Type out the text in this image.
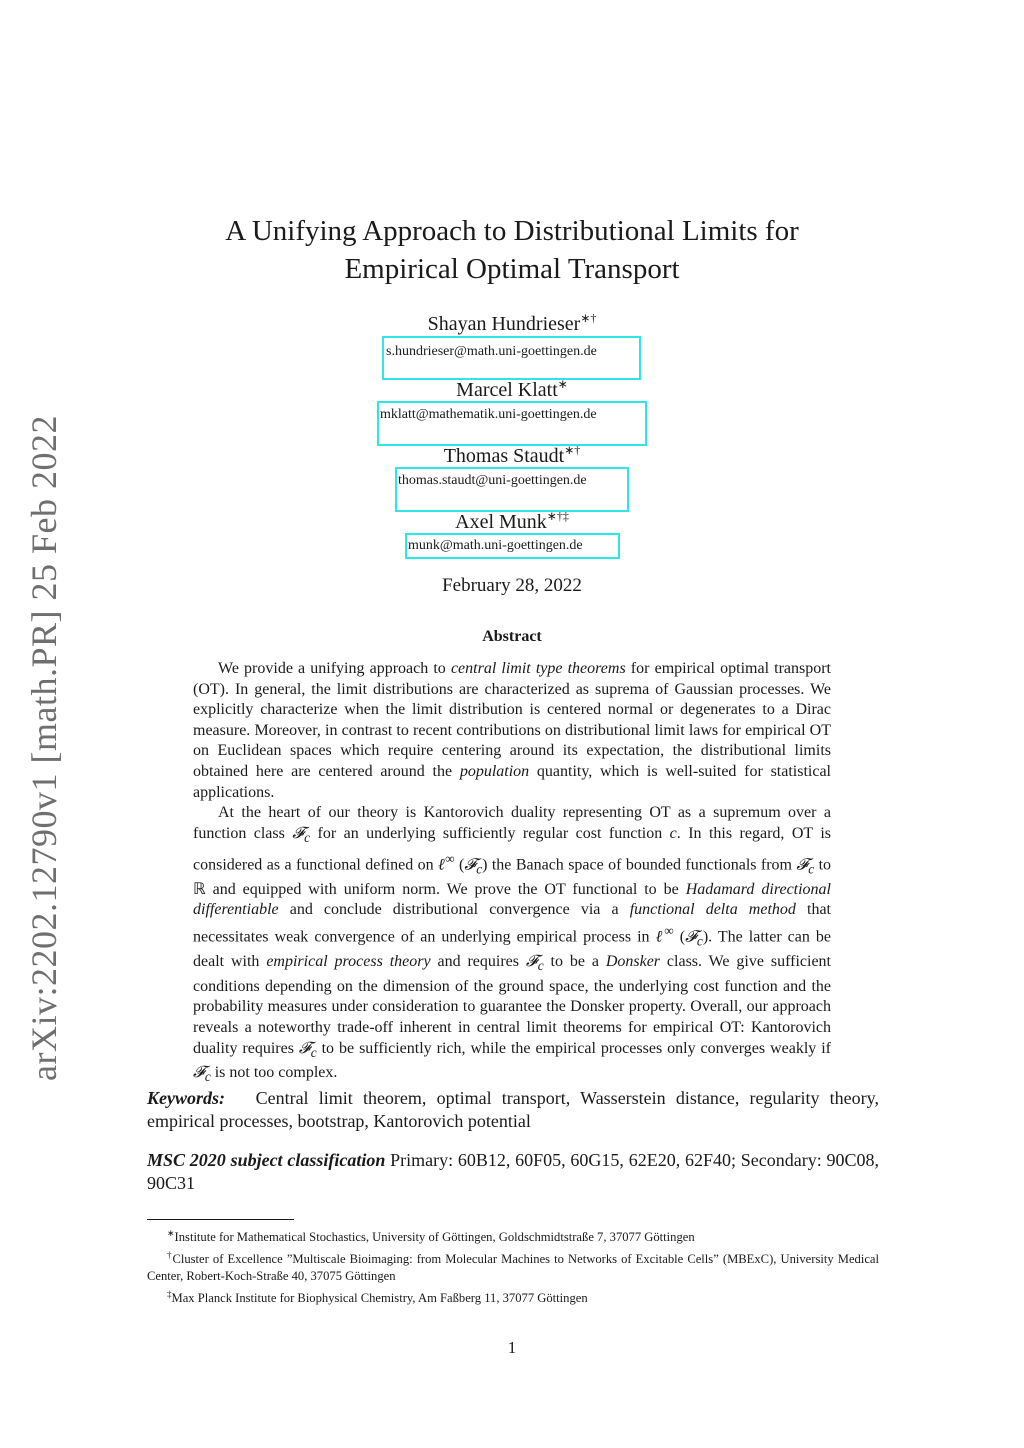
arXiv:2202.12790v1 [math.PR] 25 Feb 2022
A Unifying Approach to Distributional Limits for
Empirical Optimal Transport
Shayan Hundrieser∗†
s.hundrieser@math.uni-goettingen.de
Marcel Klatt∗
mklatt@mathematik.uni-goettingen.de
Thomas Staudt∗†
thomas.staudt@uni-goettingen.de
Axel Munk∗†‡
munk@math.uni-goettingen.de
February 28, 2022
Abstract

We provide a unifying approach to central limit type theorems for empirical optimal transport (OT). In general, the limit distributions are characterized as suprema of Gaussian processes. We explicitly characterize when the limit distribution is centered normal or degenerates to a Dirac measure. Moreover, in contrast to recent contributions on distributional limit laws for empirical OT on Euclidean spaces which require centering around its expectation, the distributional limits obtained here are centered around the population quantity, which is well-suited for statistical applications.

At the heart of our theory is Kantorovich duality representing OT as a supremum over a function class 𝓕$_c$ for an underlying sufficiently regular cost function c. In this regard, OT is considered as a functional defined on ℓ∞ (𝓕$_c$) the Banach space of bounded functionals from 𝓕$_c$ to ℝ and equipped with uniform norm. We prove the OT functional to be Hadamard directional differentiable and conclude distributional convergence via a functional delta method that necessitates weak convergence of an underlying empirical process in ℓ∞ (𝓕$_c$). The latter can be dealt with empirical process theory and requires 𝓕$_c$ to be a Donsker class. We give sufficient conditions depending on the dimension of the ground space, the underlying cost function and the probability measures under consideration to guarantee the Donsker property. Overall, our approach reveals a noteworthy trade-off inherent in central limit theorems for empirical OT: Kantorovich duality requires 𝓕$_c$ to be sufficiently rich, while the empirical processes only converges weakly if 𝓕$_c$ is not too complex.

Keywords: Central limit theorem, optimal transport, Wasserstein distance, regularity theory, empirical processes, bootstrap, Kantorovich potential
MSC 2020 subject classification Primary: 60B12, 60F05, 60G15, 62E20, 62F40; Secondary: 90C08, 90C31

∗Institute for Mathematical Stochastics, University of Göttingen, Goldschmidtstraße 7, 37077 Göttingen

†Cluster of Excellence ”Multiscale Bioimaging: from Molecular Machines to Networks of Excitable Cells” (MBExC), University Medical Center, Robert-Koch-Straße 40, 37075 Göttingen

‡Max Planck Institute for Biophysical Chemistry, Am Faßberg 11, 37077 Göttingen

1
